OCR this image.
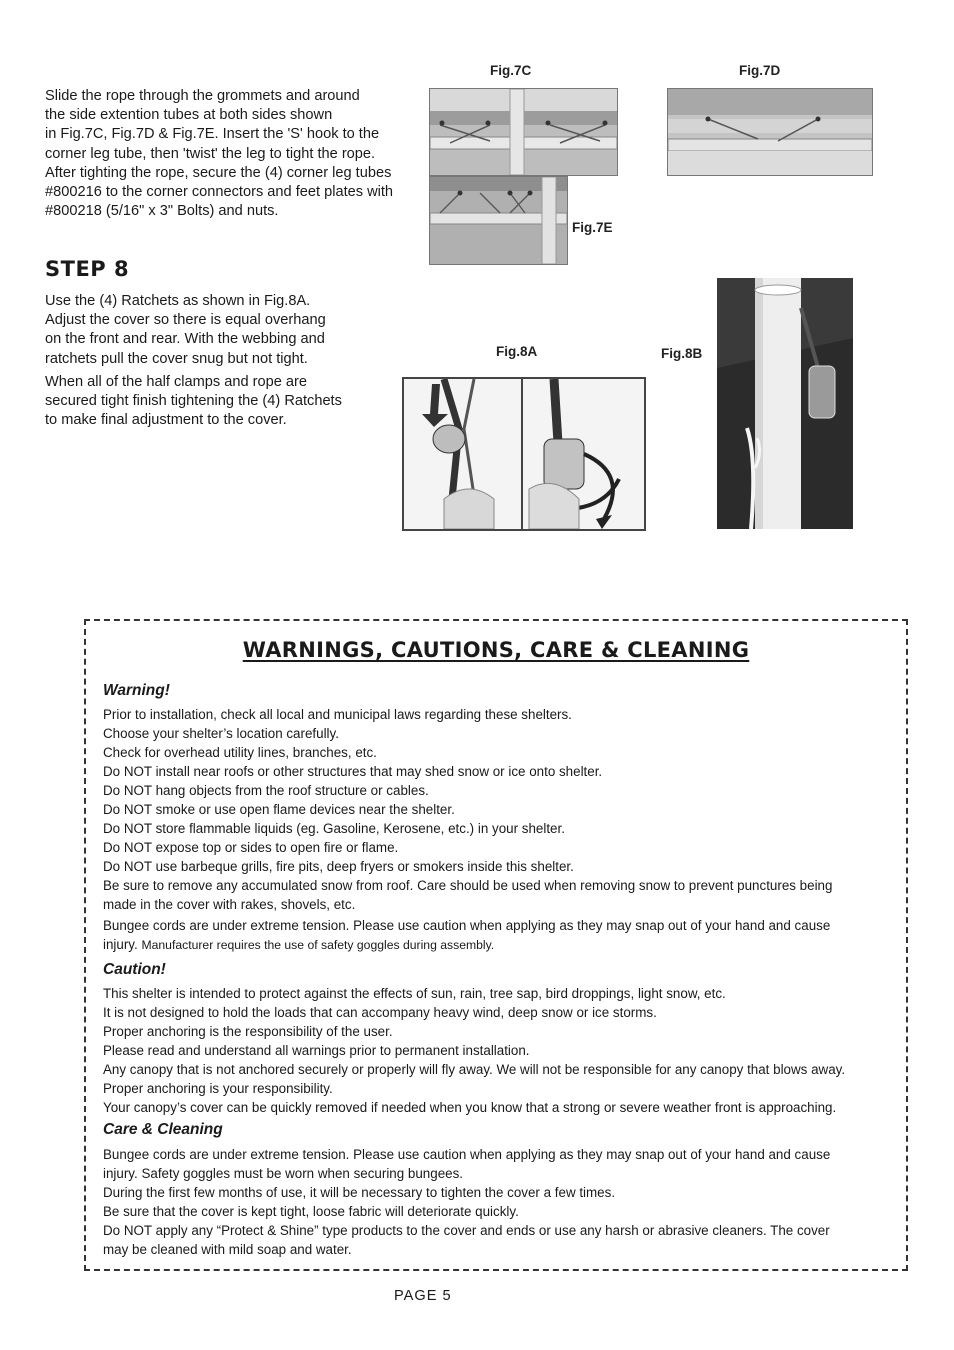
Slide the rope through the grommets and around
the side extention tubes at both sides shown
in Fig.7C, Fig.7D & Fig.7E. Insert the 'S' hook to the
corner leg tube, then 'twist' the leg to tight the rope.
After tighting the rope, secure the (4) corner leg tubes
#800216 to the corner connectors and feet plates with
#800218 (5/16" x 3" Bolts) and nuts.
Fig.7C	Fig.7D
Fig.7E
Fig.8A	Fig.8B
STEP 8
Use the (4) Ratchets as shown in Fig.8A.
Adjust the cover so there is equal overhang
on the front and rear. With the webbing and
ratchets pull the cover snug but not tight.
When all of the half clamps and rope are
secured tight finish tightening the (4) Ratchets
to make final adjustment to the cover.
WARNINGS, CAUTIONS, CARE & CLEANING
Warning!
Prior to installation, check all local and municipal laws regarding these shelters.
Choose your shelter’s location carefully.
Check for overhead utility lines, branches, etc.
Do NOT install near roofs or other structures that may shed snow or ice onto shelter.
Do NOT hang objects from the roof structure or cables.
Do NOT smoke or use open flame devices near the shelter.
Do NOT store flammable liquids (eg. Gasoline, Kerosene, etc.) in your shelter.
Do NOT expose top or sides to open fire or flame.
Do NOT use barbeque grills, fire pits, deep fryers or smokers inside this shelter.
Be sure to remove any accumulated snow from roof. Care should be used when removing snow to prevent punctures being
made in the cover with rakes, shovels, etc.
Bungee cords are under extreme tension. Please use caution when applying as they may snap out of your hand and cause
injury. Manufacturer requires the use of safety goggles during assembly.
Caution!
This shelter is intended to protect against the effects of sun, rain, tree sap, bird droppings, light snow, etc.
It is not designed to hold the loads that can accompany heavy wind, deep snow or ice storms.
Proper anchoring is the responsibility of the user.
Please read and understand all warnings prior to permanent installation.
Any canopy that is not anchored securely or properly will fly away. We will not be responsible for any canopy that blows away.
Proper anchoring is your responsibility.
Your canopy’s cover can be quickly removed if needed when you know that a strong or severe weather front is approaching.
Care & Cleaning
Bungee cords are under extreme tension. Please use caution when applying as they may snap out of your hand and cause
injury. Safety goggles must be worn when securing bungees.
During the first few months of use, it will be necessary to tighten the cover a few times.
Be sure that the cover is kept tight, loose fabric will deteriorate quickly.
Do NOT apply any “Protect & Shine” type products to the cover and ends or use any harsh or abrasive cleaners. The cover
may be cleaned with mild soap and water.
PAGE 5
